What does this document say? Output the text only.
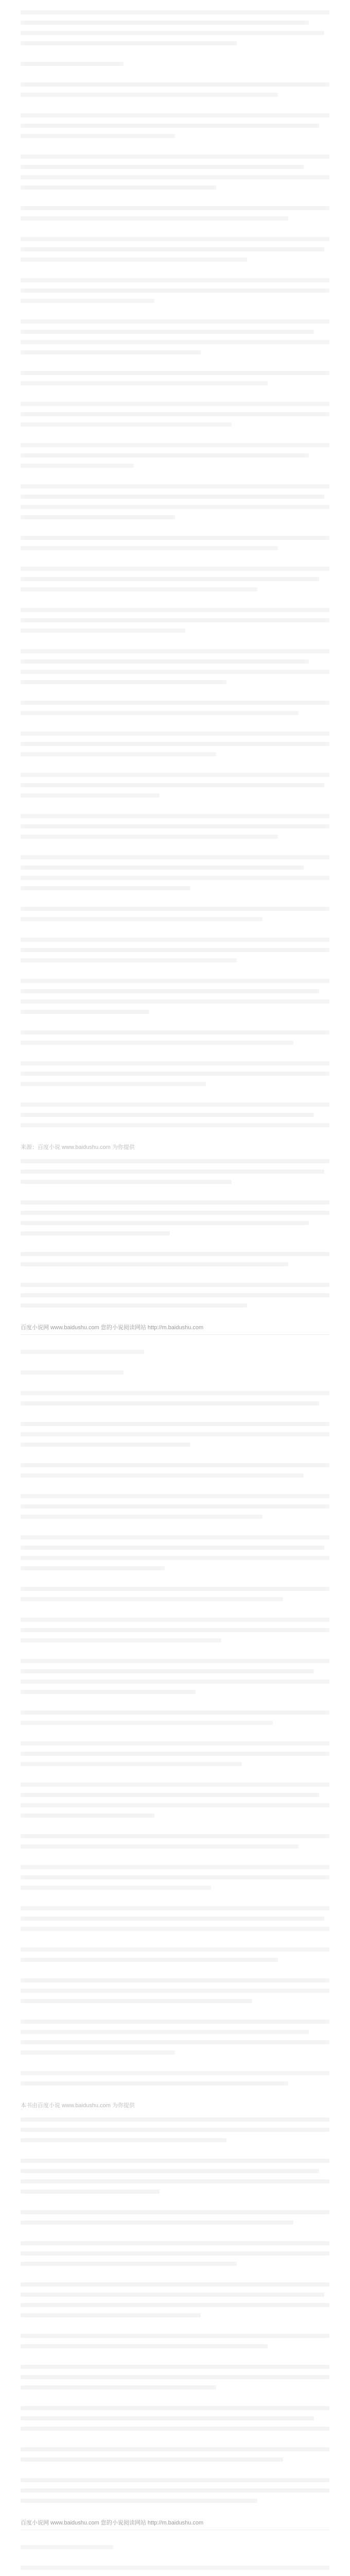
来源：百度小说 www.baidushu.com 为你提供
百度小说网 www.baidushu.com 您的小说阅读网站 http://m.baidushu.com
本书由百度小说 www.baidushu.com 为你提供
百度小说网 www.baidushu.com 您的小说阅读网站 http://m.baidushu.com
